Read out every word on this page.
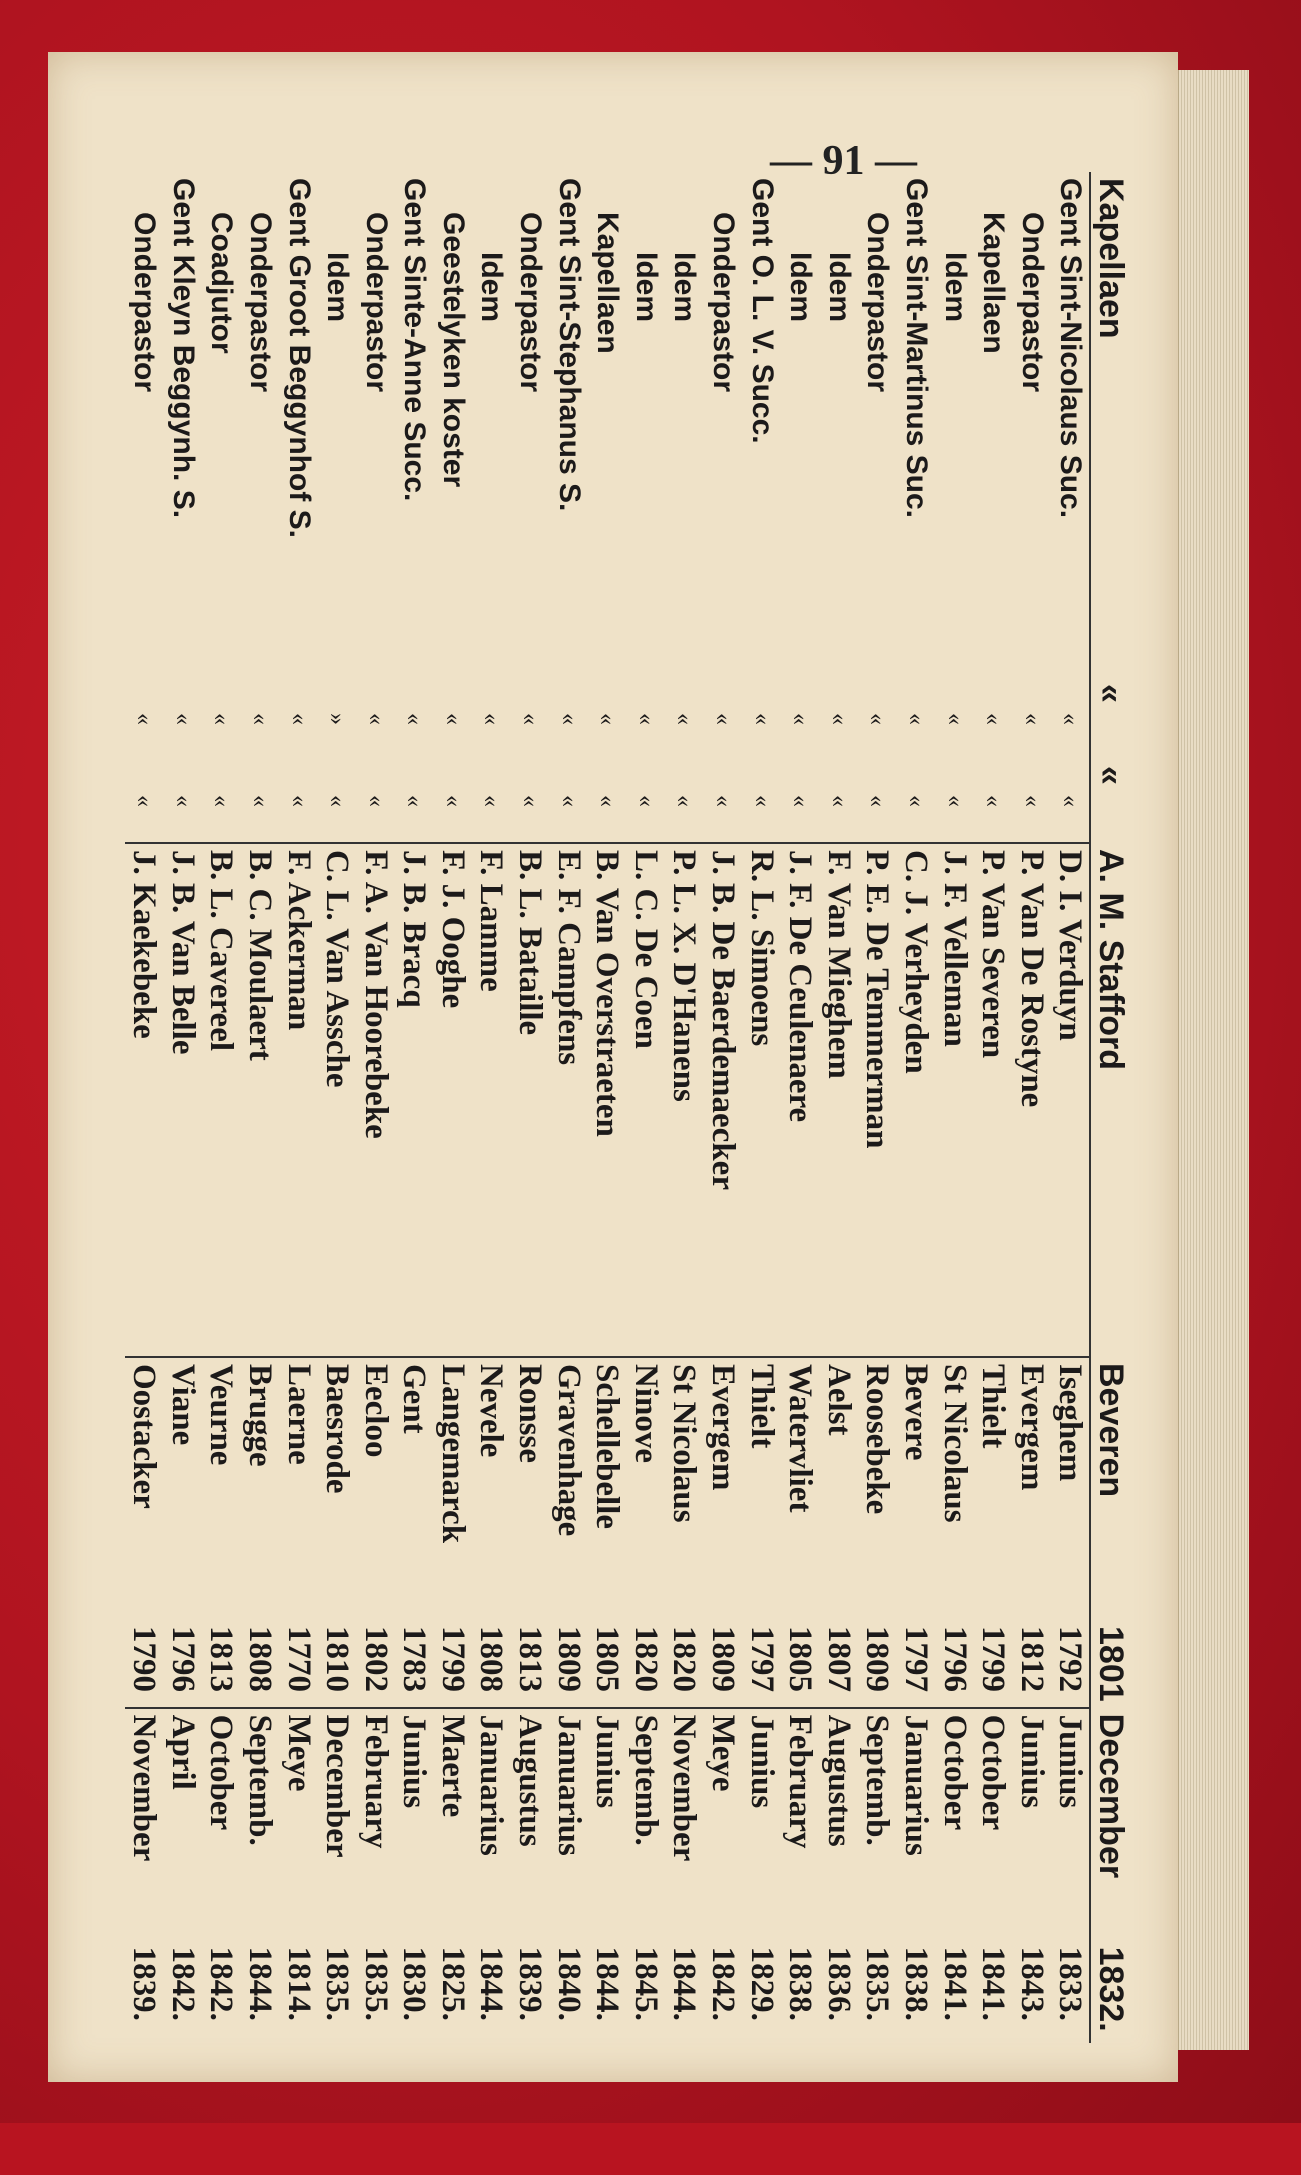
— 91 —
Kapellaen	«	«	A. M. Stafford	Beveren	1801	December	1832.
Gent Sint-Nicolaus Suc.	«	«	D. I. Verduyn	Iseghem	1792	Junius	1833.
Onderpastor	«	«	P. Van De Rostyne	Evergem	1812	Junius	1843.
Kapellaen	«	«	P. Van Severen	Thielt	1799	October	1841.
Idem	«	«	J. F. Velleman	St Nicolaus	1796	October	1841.
Gent Sint-Martinus Suc.	«	«	C. J. Verheyden	Bevere	1797	Januarius	1838.
Onderpastor	«	«	P. E. De Temmerman	Roosebeke	1809	Septemb.	1835.
Idem	«	«	F. Van Mieghem	Aelst	1807	Augustus	1836.
Idem	«	«	J. F. De Ceulenaere	Watervliet	1805	February	1838.
Gent O. L. V. Succ.	«	«	R. L. Simoens	Thielt	1797	Junius	1829.
Onderpastor	«	«	J. B. De Baerdemaecker	Evergem	1809	Meye	1842.
Idem	«	«	P. L. X. D'Hanens	St Nicolaus	1820	November	1844.
Idem	«	«	L. C. De Coen	Ninove	1820	Septemb.	1845.
Kapellaen	«	«	B. Van Overstraeten	Schellebelle	1805	Junius	1844.
Gent Sint-Stephanus S.	«	«	E. F. Campfens	Gravenhage	1809	Januarius	1840.
Onderpastor	«	«	B. L. Bataille	Ronsse	1813	Augustus	1839.
Idem	«	«	F. Lamme	Nevele	1808	Januarius	1844.
Geestelyken koster	«	«	F. J. Ooghe	Langemarck	1799	Maerte	1825.
Gent Sinte-Anne Succ.	«	«	J. B. Bracq	Gent	1783	Junius	1830.
Onderpastor	«	«	F. A. Van Hoorebeke	Eecloo	1802	February	1835.
Idem	»	«	C. L. Van Assche	Baesrode	1810	December	1835.
Gent Groot Beggynhof S.	«	«	F. Ackerman	Laerne	1770	Meye	1814.
Onderpastor	«	«	B. C. Moulaert	Brugge	1808	Septemb.	1844.
Coadjutor	«	«	B. L. Cavereel	Veurne	1813	October	1842.
Gent Kleyn Beggynh. S.	«	«	J. B. Van Belle	Viane	1796	April	1842.
Onderpastor	«	«	J. Kaekebeke	Oostacker	1790	November	1839.
